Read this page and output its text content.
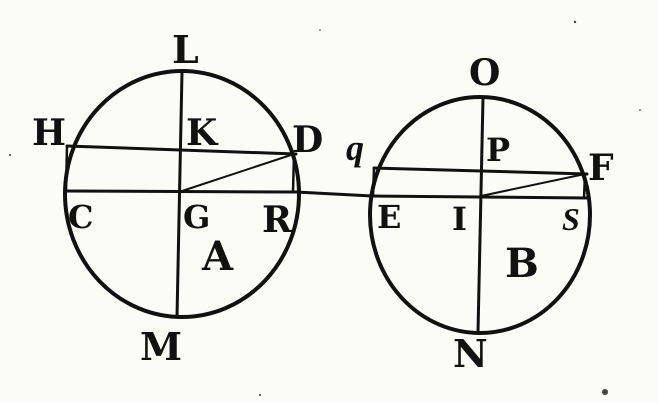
L
H	K D
C	G R
A
M
O
q	P F
E I	S
B
N
